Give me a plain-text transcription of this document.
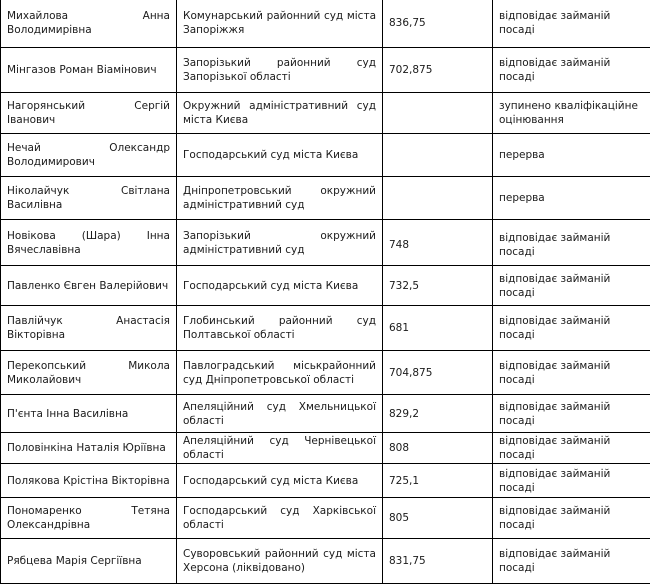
Михайлова Анна Володимирівна	Комунарський районний суд міста Запоріжжя	836,75	відповідає займаній посаді
Мінгазов Роман Віамінович	Запорізький районний суд Запорізької області	702,875	відповідає займаній посаді
Нагорянський Сергій Іванович	Окружний адміністративний суд міста Києва		зупинено кваліфікаційне оцінювання
Нечай Олександр Володимирович	Господарський суд міста Києва		перерва
Ніколайчук Світлана Василівна	Дніпропетровський окружний адміністративний суд		перерва
Новікова (Шара) Інна Вячеславівна	Запорізький окружний адміністративний суд	748	відповідає займаній посаді
Павленко Євген Валерійович	Господарський суд міста Києва	732,5	відповідає займаній посаді
Павлійчук Анастасія Вікторівна	Глобинський районний суд Полтавської області	681	відповідає займаній посаді
Перекопський Микола Миколайович	Павлоградський міськрайонний суд Дніпропетровської області	704,875	відповідає займаній посаді
П'єнта Інна Василівна	Апеляційний суд Хмельницької області	829,2	відповідає займаній посаді
Половінкіна Наталія Юріївна	Апеляційний суд Чернівецької області	808	відповідає займаній посаді
Полякова Крістіна Вікторівна	Господарський суд міста Києва	725,1	відповідає займаній посаді
Пономаренко Тетяна Олександрівна	Господарський суд Харківської області	805	відповідає займаній посаді
Рябцева Марія Сергіївна	Суворовський районний суд міста Херсона (ліквідовано)	831,75	відповідає займаній посаді
